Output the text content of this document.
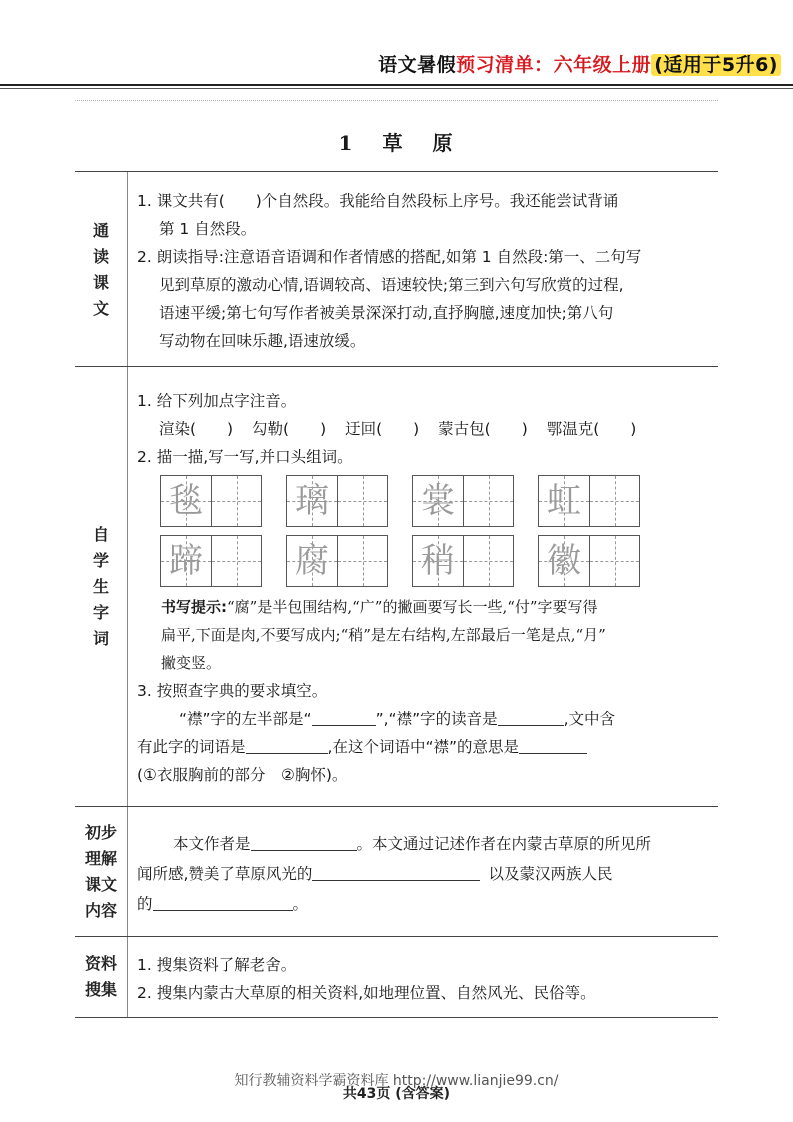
语文暑假预习清单：六年级上册 (适用于5升6)
1 草 原
通
读
课
文
1. 课文共有(　　)个自然段。我能给自然段标上序号。我还能尝试背诵
第 1 自然段。
2. 朗读指导:注意语音语调和作者情感的搭配,如第 1 自然段:第一、二句写
见到草原的激动心情,语调较高、语速较快;第三到六句写欣赏的过程,
语速平缓;第七句写作者被美景深深打动,直抒胸臆,速度加快;第八句
写动物在回味乐趣,语速放缓。
自
学
生
字
词
1. 给下列加点字注音。
渲染(　　) 勾勒(　　) 迂回(　　) 蒙古包(　　) 鄂温克(　　)
2. 描一描,写一写,并口头组词。
毯	璃	裳	虹
蹄	腐	稍	徽
书写提示:“腐”是半包围结构,“广”的撇画要写长一些,“付”字要写得
扁平,下面是肉,不要写成内;“稍”是左右结构,左部最后一笔是点,“月”
撇变竖。
3. 按照查字典的要求填空。
“襟”字的左半部是“	”,“襟”字的读音是	,文中含
有此字的词语是	,在这个词语中“襟”的意思是
(①衣服胸前的部分　②胸怀)。
初步
理解
课文
内容
本文作者是	。本文通过记述作者在内蒙古草原的所见所
闻所感,赞美了草原风光的	以及蒙汉两族人民
的	。
资料
搜集
1. 搜集资料了解老舍。
2. 搜集内蒙古大草原的相关资料,如地理位置、自然风光、民俗等。
知行教辅资料学霸资料库 http://www.lianjie99.cn/
共43页 (含答案)
